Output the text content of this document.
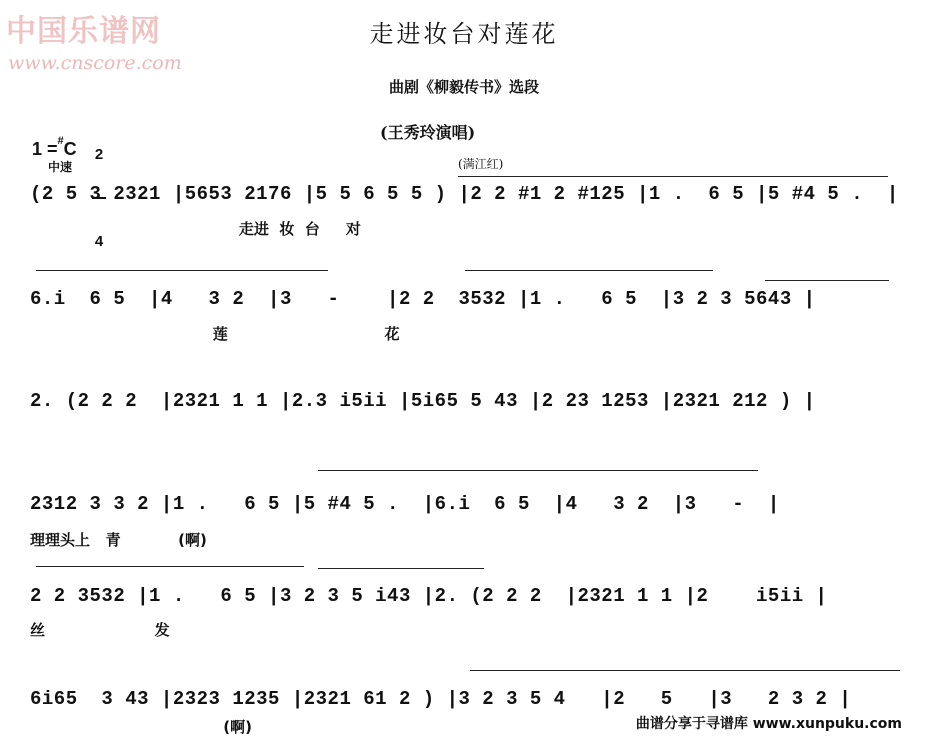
中国乐谱网
www.cnscore.com
走进妆台对莲花
曲剧《柳毅传书》选段

1 =#C

2

4

(王秀玲演唱)
中速	(满江红)
(2 5 3 2321 |5653 2176 |5 5 6 5 5 ) |2 2 #1 2 #125 |1 .  6 5 |5 #4 5 .  |
走进  妆  台     对
6.i  6 5  |4   3 2  |3   -    |2 2  3532 |1 .   6 5  |3 2 3 5643 |
莲                              花
2. (2 2 2  |2321 1 1 |2.3 i5ii |5i65 5 43 |2 23 1253 |2321 212 ) |
2312 3 3 2 |1 .   6 5 |5 #4 5 .  |6.i  6 5  |4   3 2  |3   -  |
理理头上   青           (啊)
2 2 3532 |1 .   6 5 |3 2 3 5 i43 |2. (2 2 2  |2321 1 1 |2    i5ii |
丝                     发
6i65  3 43 |2323 1235 |2321 61 2 ) |3 2 3 5 4   |2   5   |3   2 3 2 |
(啊)	曲谱分享于寻谱库 www.xunpuku.com
